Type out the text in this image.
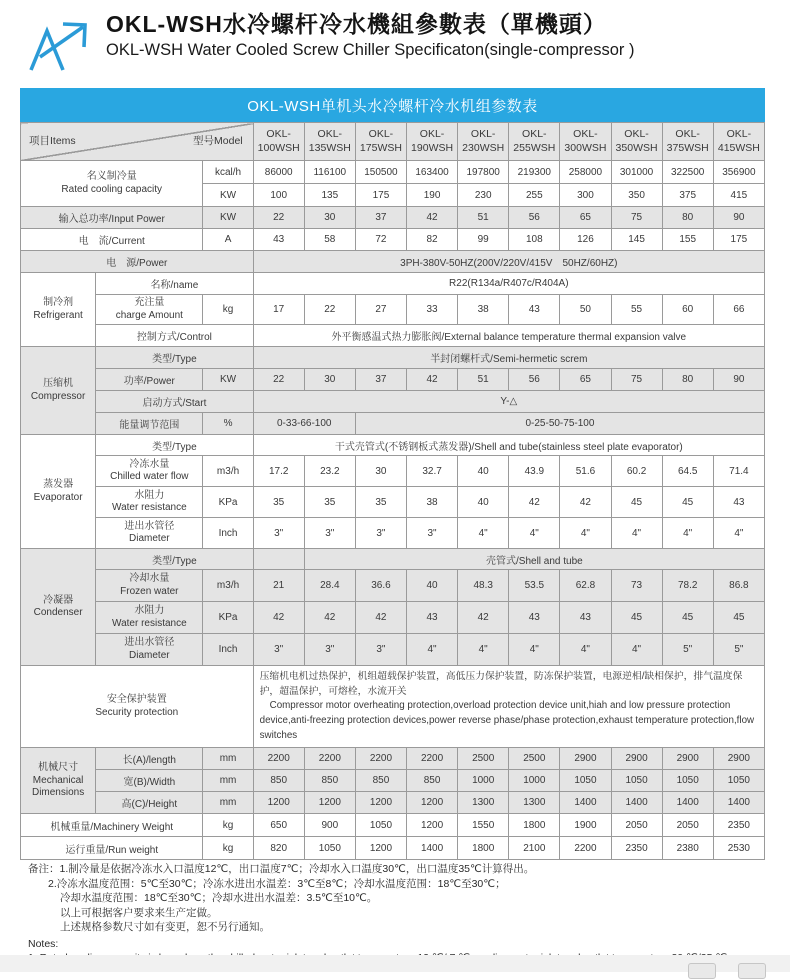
OKL-WSH水冷螺杆冷水機組參數表（單機頭）
OKL-WSH Water Cooled Screw Chiller Specificaton(single-compressor )
OKL-WSH单机头水冷螺杆冷水机组参数表
项目Items 型号Model			OKL-100WSH	OKL-135WSH	OKL-175WSH	OKL-190WSH	OKL-230WSH	OKL-255WSH	OKL-300WSH	OKL-350WSH	OKL-375WSH	OKL-415WSH

名义制冷量
Rated cooling capacity		kcal/h	86000	116100	150500	163400	197800	219300	258000	301000	322500	356900
		KW	100	135	175	190	230	255	300	350	375	415
输入总功率/Input Power		KW	22	30	37	42	51	56	65	75	80	90
电　流/Current		A	43	58	72	82	99	108	126	145	155	175
电　源/Power			3PH-380V-50HZ(200V/220V/415V　50HZ/60HZ)									

制冷剂
Refrigerant	名称/name		R22(R134a/R407c/R404A)									

	充注量
charge Amount	kg	17	22	27	33	38	43	50	55	60	66
	控制方式/Control		外平衡感温式热力膨胀阀/External balance temperature thermal expansion valve									

压缩机
Compressor	类型/Type		半封闭螺杆式/Semi-hermetic screm									
	功率/Power	KW	22	30	37	42	51	56	65	75	80	90
	启动方式/Start		Y-△									
	能量调节范围	%	0-33-66-100		0-25-50-75-100							

蒸发器
Evaporator	类型/Type		干式壳管式(不锈钢板式蒸发器)/Shell and tube(stainless steel plate evaporator)									

	冷冻水量
Chilled water flow	m3/h	17.2	23.2	30	32.7	40	43.9	51.6	60.2	64.5	71.4

	水阻力
Water resistance	KPa	35	35	35	38	40	42	42	45	45	43

	进出水管径
Diameter	Inch	3"	3"	3"	3"	4"	4"	4"	4"	4"	4"

冷凝器
Condenser	类型/Type			壳管式/Shell and tube								

	冷却水量
Frozen water	m3/h	21	28.4	36.6	40	48.3	53.5	62.8	73	78.2	86.8

	水阻力
Water resistance	KPa	42	42	42	43	42	43	43	45	45	45

	进出水管径
Diameter	Inch	3"	3"	3"	4"	4"	4"	4"	4"	5"	5"

安全保护装置
Security protection

压缩机电机过热保护，机组超载保护装置，高低压力保护装置，防冻保护装置，电源逆相/缺相保护，排气温度保护，超温保护，可熔栓，水流开关
Compressor motor overheating protection,overload protection device unit,hiah and low pressure protection device,anti-freezing protection devices,power reverse phase/phase protection,exhaust temperature protection,flow switches

机械尺寸
Mechanical Dimensions	长(A)/length	mm	2200	2200	2200	2200	2500	2500	2900	2900	2900	2900
	宽(B)/Width	mm	850	850	850	850	1000	1000	1050	1050	1050	1050
	高(C)/Height	mm	1200	1200	1200	1200	1300	1300	1400	1400	1400	1400
机械重量/Machinery Weight		kg	650	900	1050	1200	1550	1800	1900	2050	2050	2350
运行重量/Run weight		kg	820	1050	1200	1400	1800	2100	2200	2350	2380	2530
备注：1.制冷量是依据冷冻水入口温度12℃，出口温度7℃；冷却水入口温度30℃，出口温度35℃计算得出。
2.冷冻水温度范围：5℃至30℃；冷冻水进出水温差：3℃至8℃；冷却水温度范围：18℃至30℃；
冷却水温度范围：18℃至30℃；冷却水进出水温差：3.5℃至10℃。
以上可根据客户要求来生产定做。
上述规格参数尺寸如有变更，恕不另行通知。
Notes:
